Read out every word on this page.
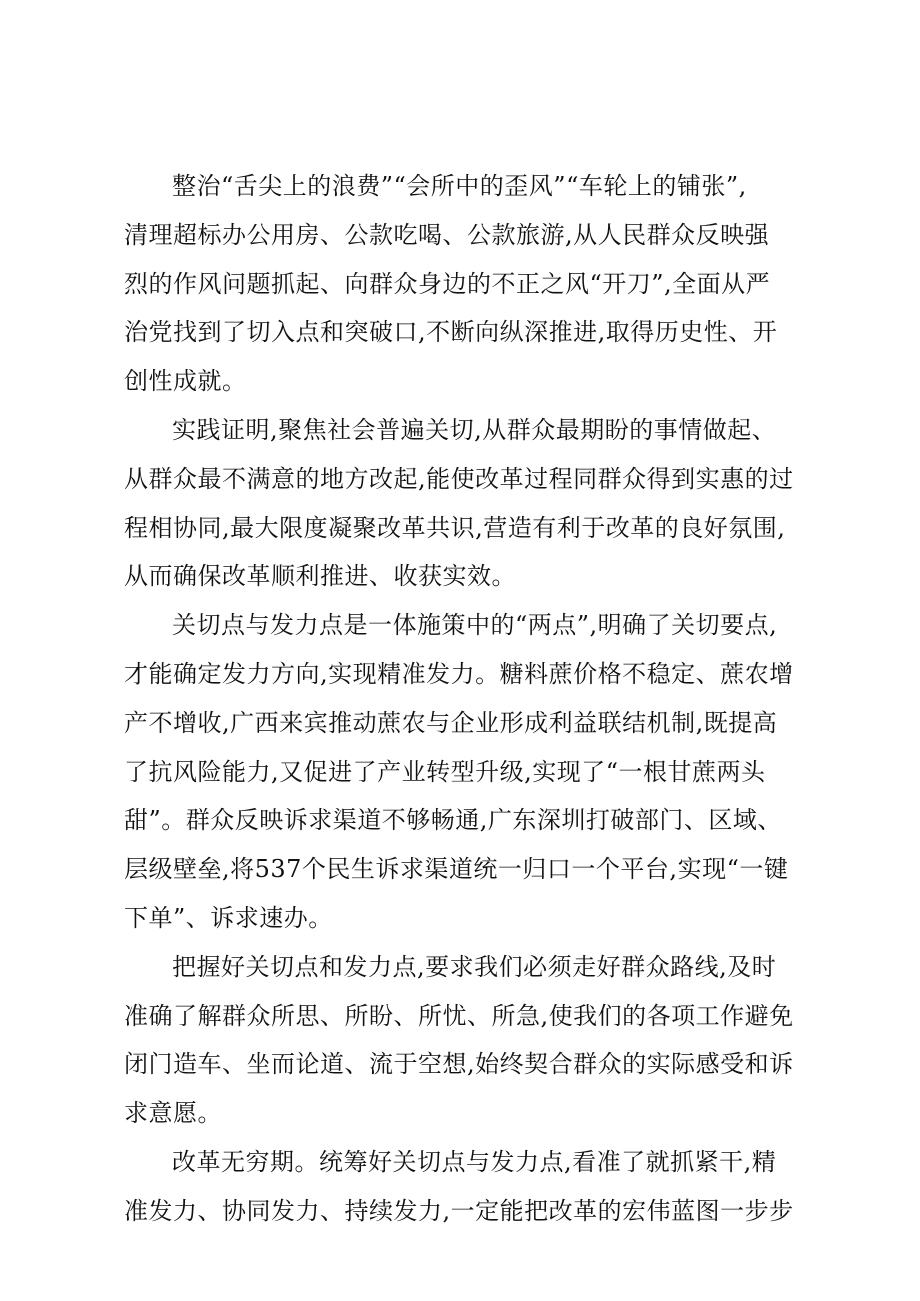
整治“舌尖上的浪费”“会所中的歪风”“车轮上的铺张”,
清理超标办公用房、公款吃喝、公款旅游,从人民群众反映强
烈的作风问题抓起、向群众身边的不正之风“开刀”,全面从严
治党找到了切入点和突破口,不断向纵深推进,取得历史性、开
创性成就。
实践证明,聚焦社会普遍关切,从群众最期盼的事情做起、
从群众最不满意的地方改起,能使改革过程同群众得到实惠的过
程相协同,最大限度凝聚改革共识,营造有利于改革的良好氛围,
从而确保改革顺利推进、收获实效。
关切点与发力点是一体施策中的“两点”,明确了关切要点,
才能确定发力方向,实现精准发力。糖料蔗价格不稳定、蔗农增
产不增收,广西来宾推动蔗农与企业形成利益联结机制,既提高
了抗风险能力,又促进了产业转型升级,实现了“一根甘蔗两头
甜”。群众反映诉求渠道不够畅通,广东深圳打破部门、区域、
层级壁垒,将537个民生诉求渠道统一归口一个平台,实现“一键
下单”、诉求速办。
把握好关切点和发力点,要求我们必须走好群众路线,及时
准确了解群众所思、所盼、所忧、所急,使我们的各项工作避免
闭门造车、坐而论道、流于空想,始终契合群众的实际感受和诉
求意愿。
改革无穷期。统筹好关切点与发力点,看准了就抓紧干,精
准发力、协同发力、持续发力,一定能把改革的宏伟蓝图一步步
